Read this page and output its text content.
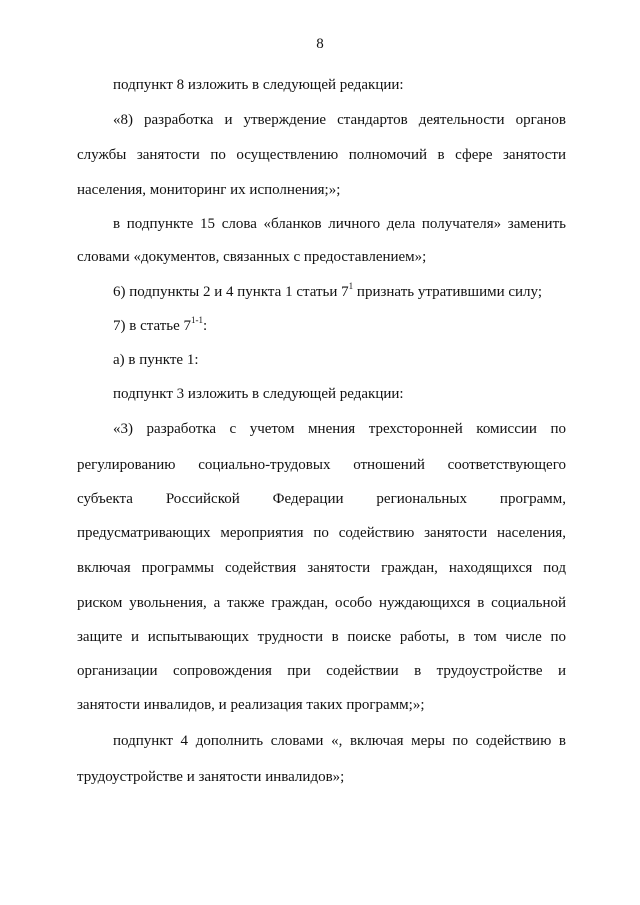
8
подпункт 8 изложить в следующей редакции:
«8) разработка и утверждение стандартов деятельности органов
службы занятости по осуществлению полномочий в сфере занятости
населения, мониторинг их исполнения;»;
в подпункте 15 слова «бланков личного дела получателя» заменить
словами «документов, связанных с предоставлением»;
6) подпункты 2 и 4 пункта 1 статьи $7^1$ признать утратившими силу;
7) в статье 7$^{1-1}$:
а) в пункте 1:
подпункт 3 изложить в следующей редакции:
«3) разработка с учетом мнения трехсторонней комиссии по
регулированию социально-трудовых отношений соответствующего
субъекта Российской Федерации региональных программ,
предусматривающих мероприятия по содействию занятости населения,
включая программы содействия занятости граждан, находящихся под
риском увольнения, а также граждан, особо нуждающихся в социальной
защите и испытывающих трудности в поиске работы, в том числе по
организации сопровождения при содействии в трудоустройстве и
занятости инвалидов, и реализация таких программ;»;
подпункт 4 дополнить словами «, включая меры по содействию в
трудоустройстве и занятости инвалидов»;
